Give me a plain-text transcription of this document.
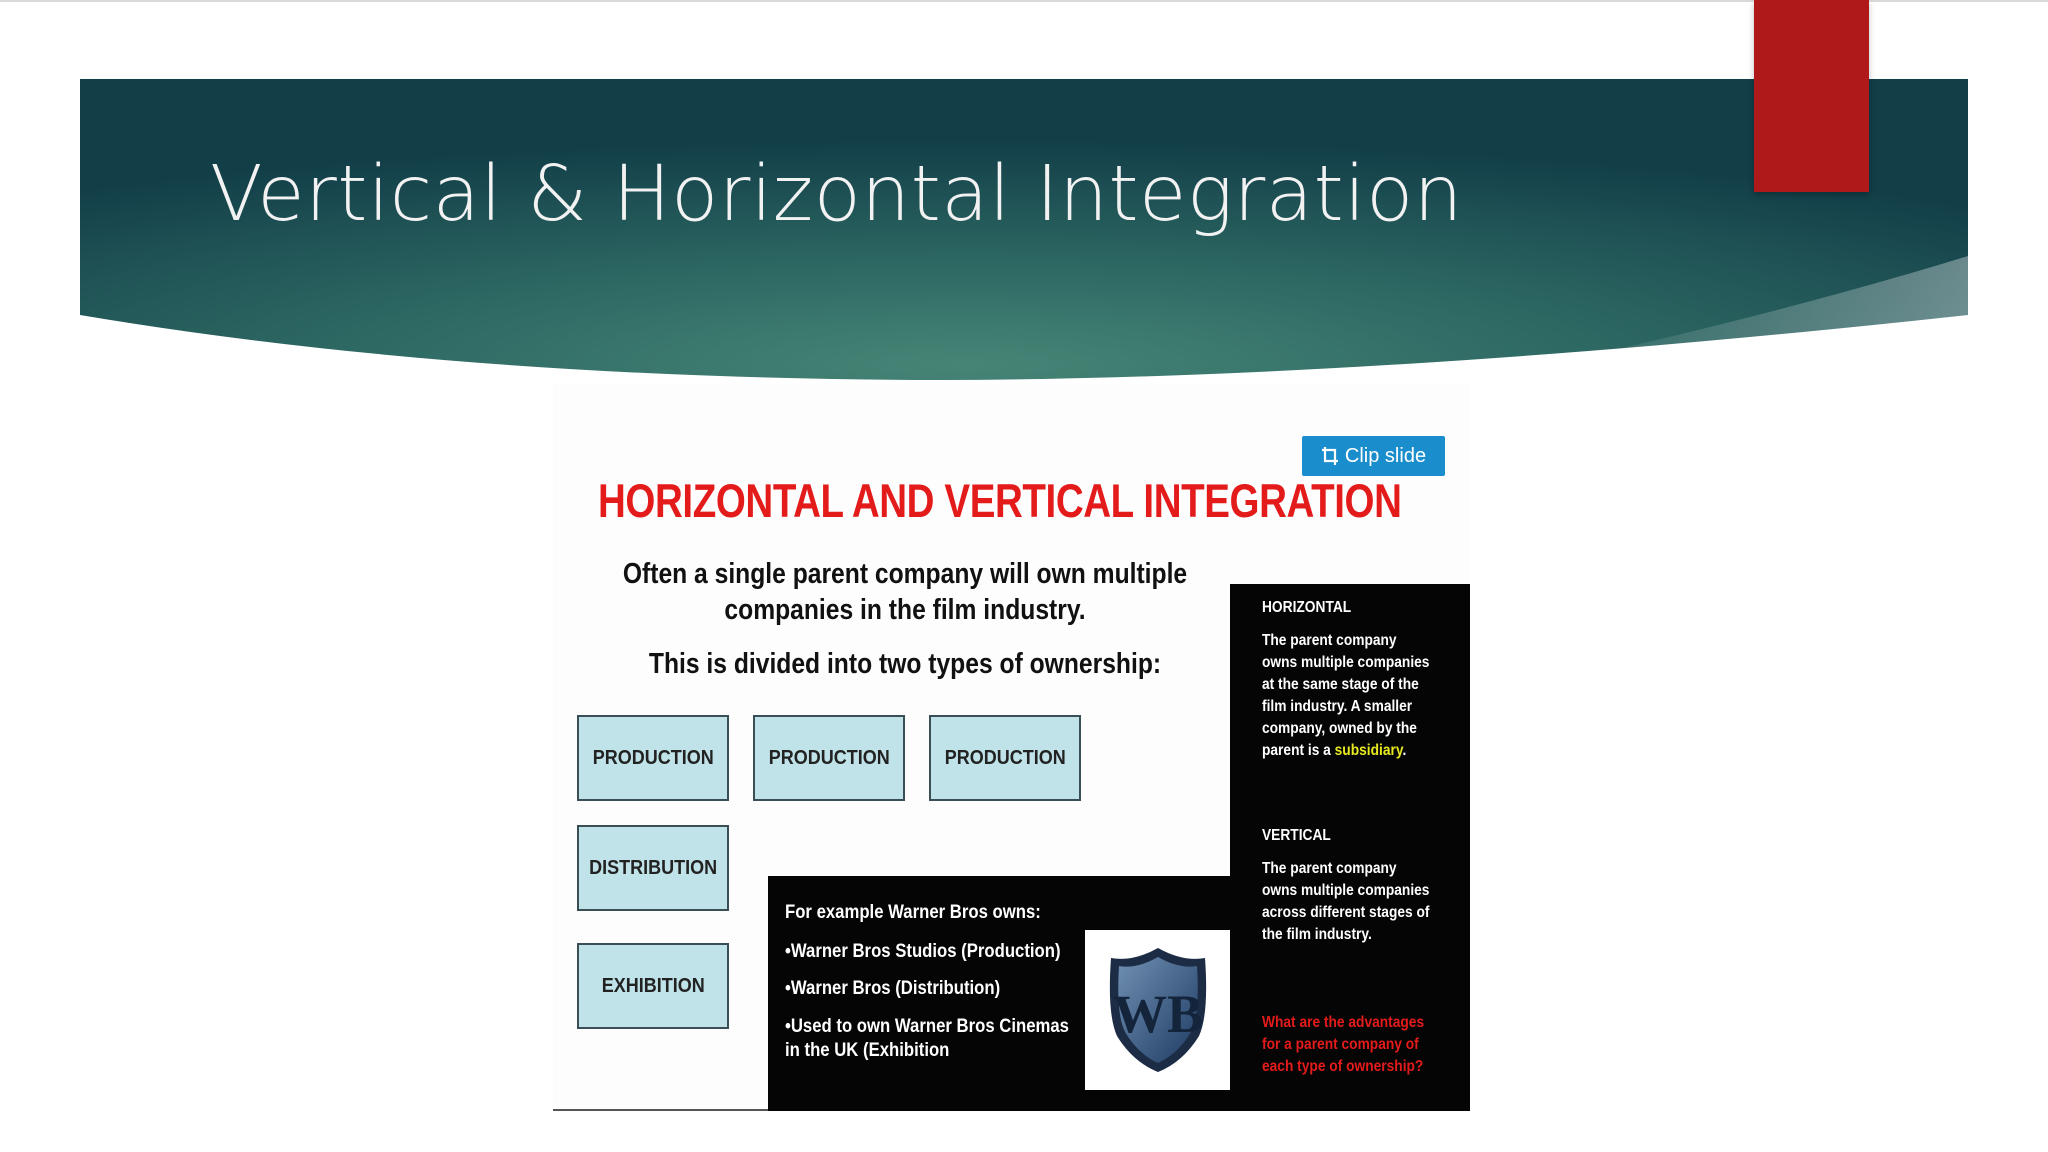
Vertical & Horizontal Integration
Clip slide
HORIZONTAL AND VERTICAL INTEGRATION
Often a single parent company will own multiple
companies in the film industry.
This is divided into two types of ownership:
PRODUCTION	PRODUCTION	PRODUCTION
DISTRIBUTION
EXHIBITION
HORIZONTAL
The parent company owns multiple companies at the same stage of the film industry. A smaller company, owned by the parent is a subsidiary.
VERTICAL
The parent company owns multiple companies across different stages of the film industry.
What are the advantages for a parent company of each type of ownership?
For example Warner Bros owns:
•Warner Bros Studios (Production)
•Warner Bros (Distribution)
•Used to own Warner Bros Cinemas
in the UK (Exhibition
WB
